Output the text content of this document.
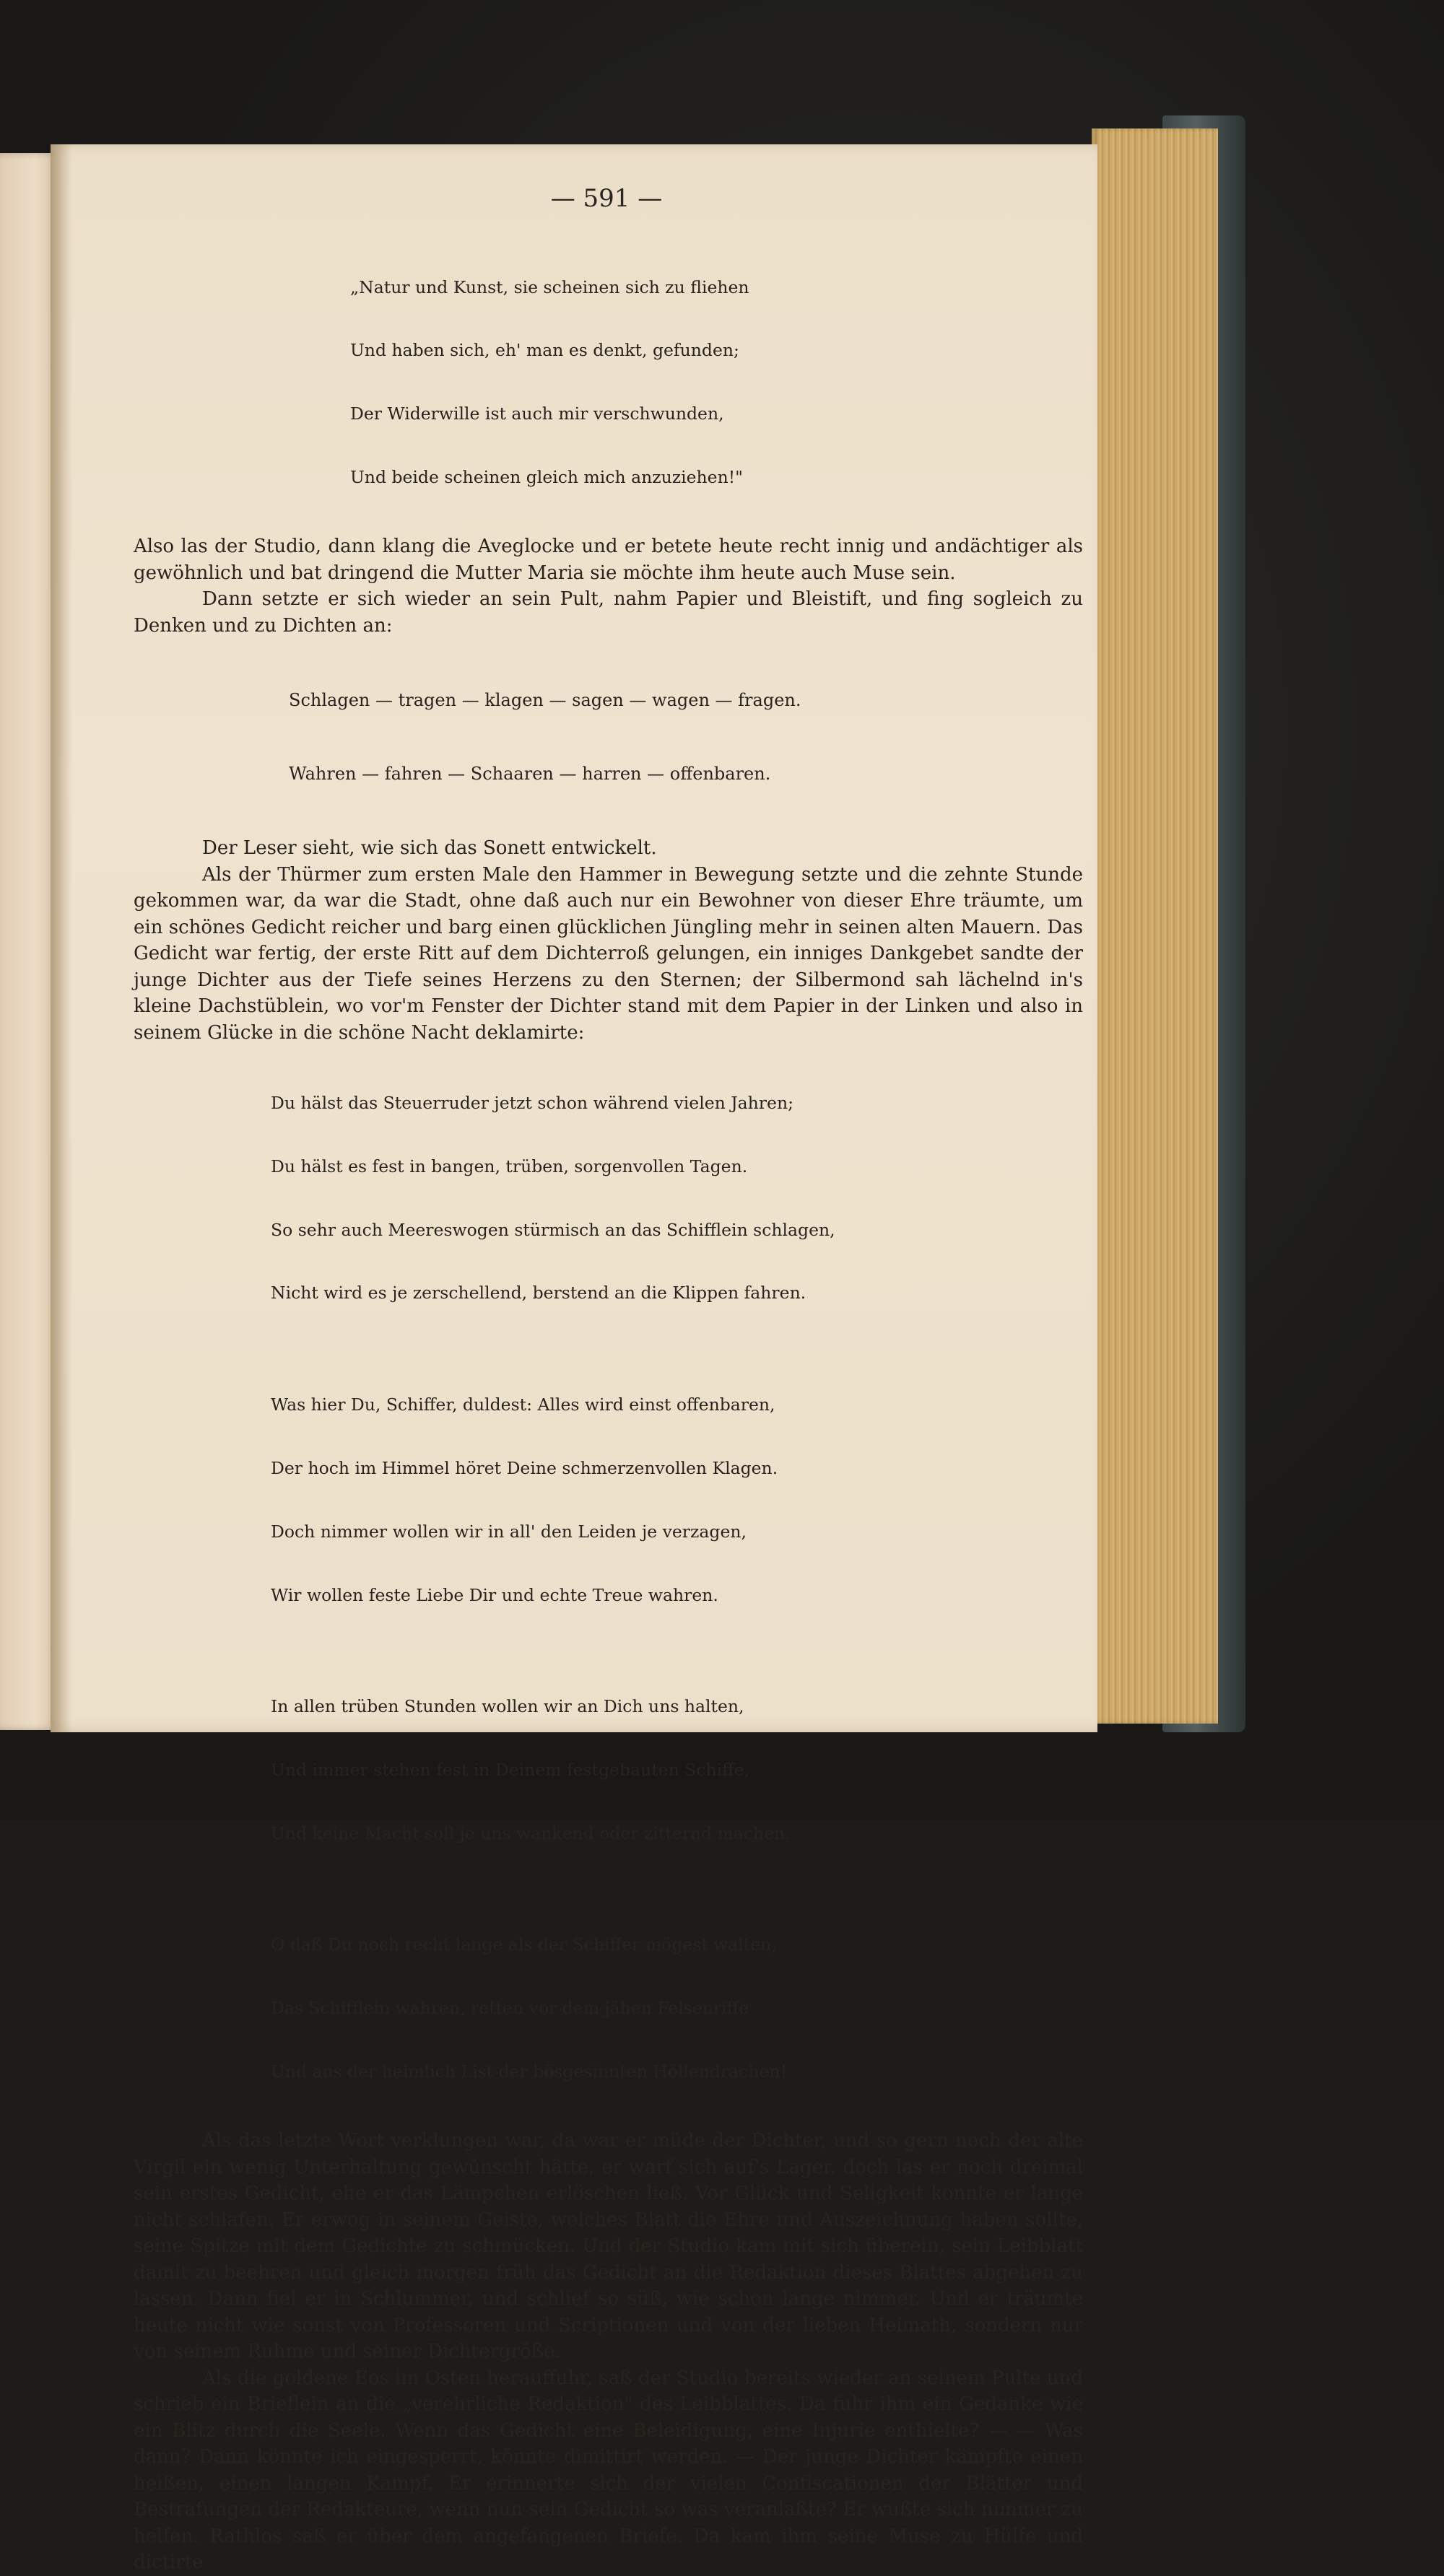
— 591 —

„Natur und Kunst, sie scheinen sich zu fliehen

Und haben sich, eh' man es denkt, gefunden;

Der Widerwille ist auch mir verschwunden,

Und beide scheinen gleich mich anzuziehen!"

Also las der Studio, dann klang die Aveglocke und er betete heute recht innig und andächtiger als gewöhnlich und bat dringend die Mutter Maria sie möchte ihm heute auch Muse sein.

Dann setzte er sich wieder an sein Pult, nahm Papier und Bleistift, und fing sogleich zu Denken und zu Dichten an:

Schlagen — tragen — klagen — sagen — wagen — fragen.

Wahren — fahren — Schaaren — harren — offenbaren.

Der Leser sieht, wie sich das Sonett entwickelt.

Als der Thürmer zum ersten Male den Hammer in Bewegung setzte und die zehnte Stunde gekommen war, da war die Stadt, ohne daß auch nur ein Bewohner von dieser Ehre träumte, um ein schönes Gedicht reicher und barg einen glücklichen Jüngling mehr in seinen alten Mauern. Das Gedicht war fertig, der erste Ritt auf dem Dichterroß gelungen, ein inniges Dankgebet sandte der junge Dichter aus der Tiefe seines Herzens zu den Sternen; der Silbermond sah lächelnd in's kleine Dachstüblein, wo vor'm Fenster der Dichter stand mit dem Papier in der Linken und also in seinem Glücke in die schöne Nacht deklamirte:

Du hälst das Steuerruder jetzt schon während vielen Jahren;

Du hälst es fest in bangen, trüben, sorgenvollen Tagen.

So sehr auch Meereswogen stürmisch an das Schifflein schlagen,

Nicht wird es je zerschellend, berstend an die Klippen fahren.

Was hier Du, Schiffer, duldest: Alles wird einst offenbaren,

Der hoch im Himmel höret Deine schmerzenvollen Klagen.

Doch nimmer wollen wir in all' den Leiden je verzagen,

Wir wollen feste Liebe Dir und echte Treue wahren.

In allen trüben Stunden wollen wir an Dich uns halten,

Und immer stehen fest in Deinem festgebauten Schiffe,

Und keine Macht soll je uns wankend oder zitternd machen.

O daß Du noch recht lange als der Schiffer mögest walten,

Das Schifflein wahren, retten vor dem jähen Felsenriffe

Und aus der heimlich List der bösgesinnten Höllendrachen!

Als das letzte Wort verklungen war, da war er müde der Dichter, und so gern noch der alte Virgil ein wenig Unterhaltung gewünscht hätte, er warf sich auf's Lager, doch las er noch dreimal sein erstes Gedicht, ehe er das Lämpchen erlöschen ließ. Vor Glück und Seligkeit konnte er lange nicht schlafen. Er erwog in seinem Geiste, welches Blatt die Ehre und Auszeichnung haben sollte, seine Spitze mit dem Gedichte zu schmücken. Und der Studio kam mit sich überein, sein Leibblatt damit zu beehren und gleich morgen früh das Gedicht an die Redaktion dieses Blattes abgehen zu lassen. Dann fiel er in Schlummer, und schlief so süß, wie schon lange nimmer. Und er träumte heute nicht wie sonst von Professoren und Scriptionen und von der lieben Heimath, sondern nur von seinem Ruhme und seiner Dichtergröße.

Als die goldene Eos im Osten herauffuhr, saß der Studio bereits wieder an seinem Pulte und schrieb ein Brieflein an die „verehrliche Redaktion" des Leibblattes. Da fuhr ihm ein Gedanke wie ein Blitz durch die Seele. Wenn das Gedicht eine Beleidigung, eine Injurie enthielte? — — Was dann? Dann könnte ich eingesperrt, könnte dimittirt werden. — Der junge Dichter kämpfte einen heißen, einen langen Kampf. Er erinnerte sich der vielen Confiscationen der Blätter und Bestrafungen der Redakteure, wenn nun sein Gedicht so was veranlaßte? Er wußte sich nimmer zu helfen. Rathlos saß er über dem angefangenen Briefe. Da kam ihm seine Muse zu Hülfe und dictirte
